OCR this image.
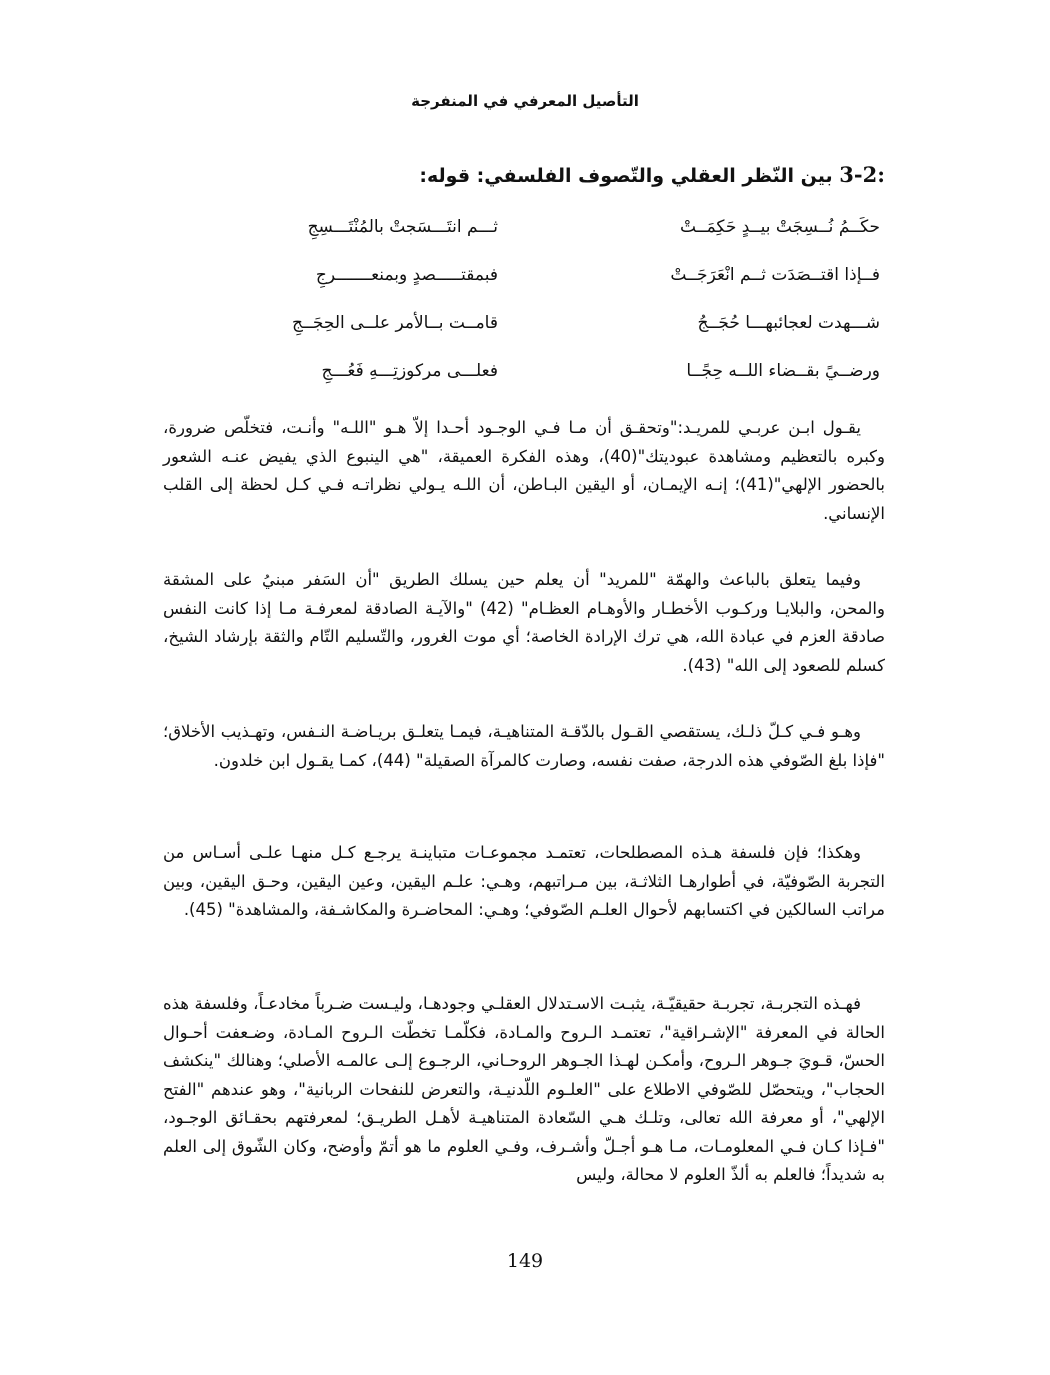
التأصيل المعرفي في المنفرجة
3-2: بين النّظر العقلي والتّصوف الفلسفي: قوله:
حكَــمُ نُــسِجَتْ بيــدٍ حَكِمَــتْ
ثـــم انتَـــسَجتْ بالمُنْتَـــسِجِ
فــإذا اقتــصَدَت ثــم انْعَرَجَــتْ
فبمقتـــــصدٍ وبمنعـــــــرجِ
شـــهدت لعجائبهـــا حُجَــجُ
قامــت بــالأمر علــى الحِجَــجِ
ورضــيً بقــضاء اللــه حِجًــا
فعلـــى مركوزتِـــهِ فَعُـــجِ

يقـول ابـن عربـي للمريـد:"وتحقـق أن مـا فـي الوجـود أحـدا إلاّ هـو "اللـه" وأنـت، فتخلّص ضرورة، وكبره بالتعظيم ومشاهدة عبوديتك"(40)، وهذه الفكرة العميقة، "هي الينبوع الذي يفيض عنـه الشعور بالحضور الإلهي"(41)؛ إنـه الإيمـان، أو اليقين البـاطن، أن اللـه يـولي نظراتـه فـي كـل لحظة إلى القلب الإنساني.

وفيما يتعلق بالباعث والهمّة "للمريد" أن يعلم حين يسلك الطريق "أن السَفر مبنيُ على المشقة والمحن، والبلايـا وركـوب الأخطـار والأوهـام العظـام" (42) "والآيـة الصادقة لمعرفـة مـا إذا كانت النفس صادقة العزم في عبادة الله، هي ترك الإرادة الخاصة؛ أي موت الغرور، والتّسليم التّام والثقة بإرشاد الشيخ، كسلم للصعود إلى الله" (43).

وهـو فـي كـلّ ذلـك، يستقصي القـول بالدّقـة المتناهيـة، فيمـا يتعلـق بريـاضـة النـفس، وتهـذيب الأخلاق؛ "فإذا بلغ الصّوفي هذه الدرجة، صفت نفسه، وصارت كالمرآة الصقيلة" (44)، كمـا يقـول ابن خلدون.

وهكذا؛ فإن فلسفة هـذه المصطلحات، تعتمـد مجموعـات متباينـة يرجـع كـل منهـا علـى أسـاس من التجربة الصّوفيّة، في أطوارهـا الثلاثـة، بين مـراتبهم، وهـي: علـم اليقين، وعين اليقين، وحـق اليقين، وبين مراتب السالكين في اكتسابهم لأحوال العلـم الصّوفي؛ وهـي: المحاضـرة والمكاشـفة، والمشاهدة" (45).

فهـذه التجربـة، تجربـة حقيقيّـة، يثبـت الاسـتدلال العقلـي وجودهـا، وليـست ضـرباً مخادعـاً، وفلسفة هذه الحالة في المعرفة "الإشـراقية"، تعتمـد الـروح والمـادة، فكلّمـا تخطّت الـروح المـادة، وضـعفت أحـوال الحسّ، قـويَ جـوهر الـروح، وأمكـن لهـذا الجـوهر الروحـاني، الرجـوع إلـى عالمـه الأصلي؛ وهنالك "ينكشف الحجاب"، ويتحصّل للصّوفي الاطلاع على "العلـوم اللّدنيـة، والتعرض للنفحات الربانية"، وهو عندهم "الفتح الإلهي"، أو معرفة الله تعالى، وتلـك هـي السّعادة المتناهيـة لأهـل الطريـق؛ لمعرفتهم بحقـائق الوجـود، "فـإذا كـان فـي المعلومـات، مـا هـو أجـلّ وأشـرف، وفـي العلوم ما هو أتمّ وأوضح، وكان الشّوق إلى العلم به شديداً؛ فالعلم به ألذّ العلوم لا محالة، وليس

149
